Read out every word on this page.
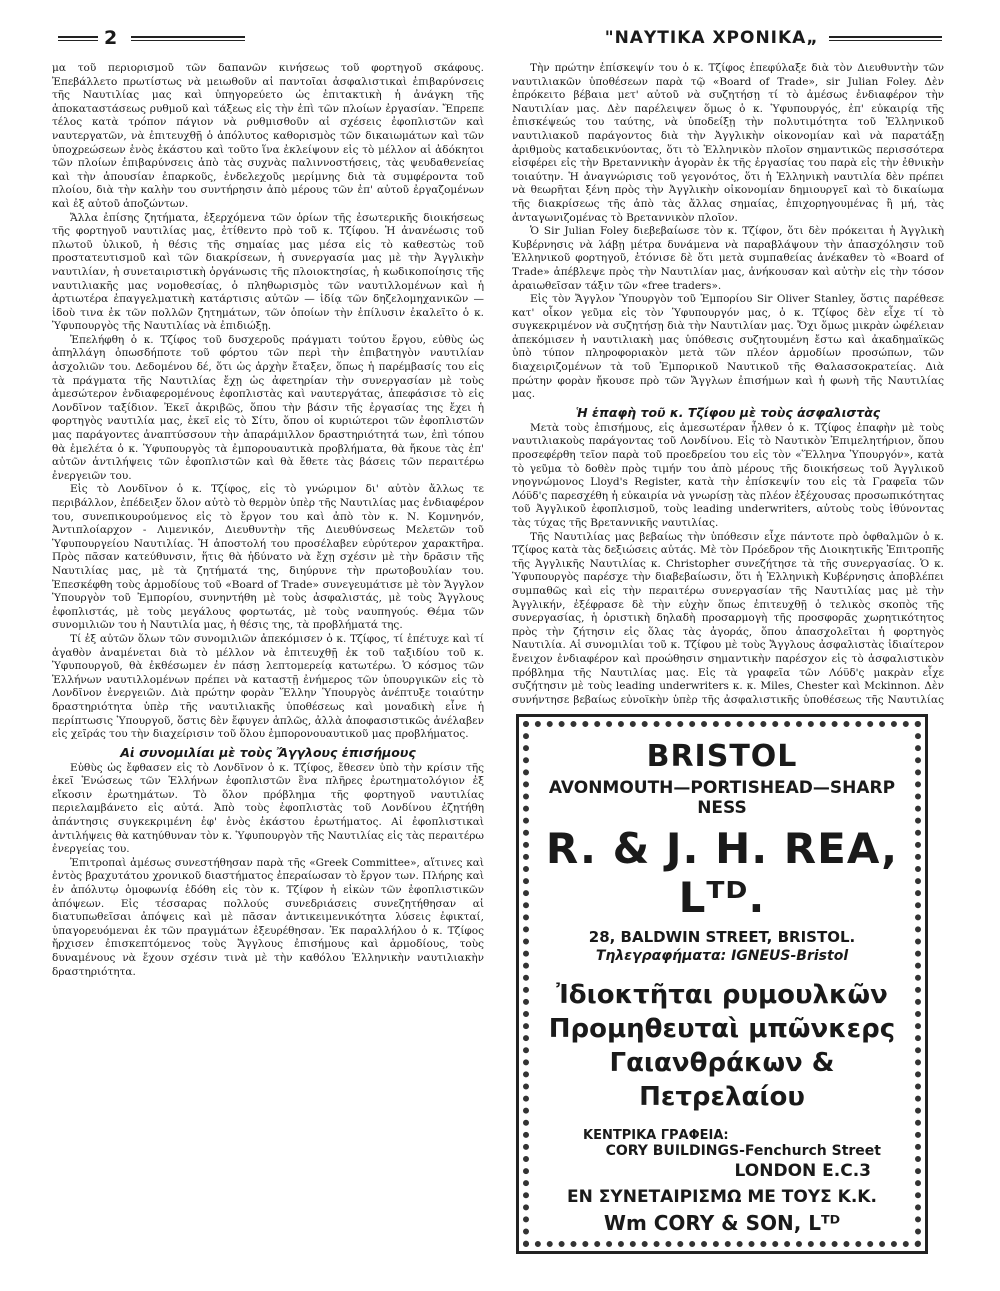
2	"ΝΑΥΤΙΚΑ ΧΡΟΝΙΚΑ„

μα τοῦ περιορισμοῦ τῶν δαπανῶν κινήσεως τοῦ φορτηγοῦ σκάφους. Ἐπεβάλλετο πρωτίστως νὰ μειωθοῦν αἱ παντοῖαι ἀσφαλιστικαὶ ἐπιβαρύνσεις τῆς Ναυτιλίας μας καὶ ὑπηγορεύετο ὡς ἐπιτακτικὴ ἡ ἀνάγκη τῆς ἀποκαταστάσεως ρυθμοῦ καὶ τάξεως εἰς τὴν ἐπὶ τῶν πλοίων ἐργασίαν. Ἔπρεπε τέλος κατὰ τρόπον πάγιον νὰ ρυθμισθοῦν αἱ σχέσεις ἐφοπλιστῶν καὶ ναυτεργατῶν, νὰ ἐπιτευχθῇ ὁ ἀπόλυτος καθορισμὸς τῶν δικαιωμάτων καὶ τῶν ὑποχρεώσεων ἑνὸς ἑκάστου καὶ τοῦτο ἵνα ἐκλείψουν εἰς τὸ μέλλον αἱ ἀδόκητοι τῶν πλοίων ἐπιβαρύνσεις ἀπὸ τὰς συχνὰς παλιννοστήσεις, τὰς ψευδαθενείας καὶ τὴν ἀπουσίαν ἐπαρκοῦς, ἐνδελεχοῦς μερίμνης διὰ τὰ συμφέροντα τοῦ πλοίου, διὰ τὴν καλὴν του συντήρησιν ἀπὸ μέρους τῶν ἐπ' αὐτοῦ ἐργαζομένων καὶ ἐξ αὐτοῦ ἀποζώντων.

Ἄλλα ἐπίσης ζητήματα, ἐξερχόμενα τῶν ὁρίων τῆς ἐσωτερικῆς διοικήσεως τῆς φορτηγοῦ ναυτιλίας μας, ἐτίθεντο πρὸ τοῦ κ. Τζίφου. Ἡ ἀνανέωσις τοῦ πλωτοῦ ὑλικοῦ, ἡ θέσις τῆς σημαίας μας μέσα εἰς τὸ καθεστὼς τοῦ προστατευτισμοῦ καὶ τῶν διακρίσεων, ἡ συνεργασία μας μὲ τὴν Ἀγγλικὴν ναυτιλίαν, ἡ συνεταιριστικὴ ὀργάνωσις τῆς πλοιοκτησίας, ἡ κωδικοποίησις τῆς ναυτιλιακῆς μας νομοθεσίας, ὁ πληθωρισμὸς τῶν ναυτιλλομένων καὶ ἡ ἀρτιωτέρα ἐπαγγελματικὴ κατάρτισις αὐτῶν — ἰδίᾳ τῶν δηζελομηχανικῶν — ἰδοὺ τινα ἐκ τῶν πολλῶν ζητημάτων, τῶν ὁποίων τὴν ἐπίλυσιν ἐκαλεῖτο ὁ κ. Ὑφυπουργὸς τῆς Ναυτιλίας νὰ ἐπιδιώξῃ.

Ἐπελήφθη ὁ κ. Τζίφος τοῦ δυσχεροῦς πράγματι τούτου ἔργου, εὐθὺς ὡς ἀπηλλάγη ὁπωσδήποτε τοῦ φόρτου τῶν περὶ τὴν ἐπιβατηγὸν ναυτιλίαν ἀσχολιῶν του. Δεδομένου δέ, ὅτι ὡς ἀρχὴν ἔταξεν, ὅπως ἡ παρέμβασίς του εἰς τὰ πράγματα τῆς Ναυτιλίας ἔχῃ ὡς ἀφετηρίαν τὴν συνεργασίαν μὲ τοὺς ἀμεσώτερον ἐνδιαφερομένους ἐφοπλιστὰς καὶ ναυτεργάτας, ἀπεφάσισε τὸ εἰς Λονδῖνον ταξίδιον. Ἐκεῖ ἀκριβῶς, ὅπου τὴν βάσιν τῆς ἐργασίας της ἔχει ἡ φορτηγὸς ναυτιλία μας, ἐκεῖ εἰς τὸ Σίτυ, ὅπου οἱ κυριώτεροι τῶν ἐφοπλιστῶν μας παράγοντες ἀναπτύσσουν τὴν ἀπαράμιλλον δραστηριότητά των, ἐπὶ τόπου θὰ ἐμελέτα ὁ κ. Ὑφυπουργὸς τὰ ἐμπορουαυτικὰ προβλήματα, θὰ ἤκουε τὰς ἐπ' αὐτῶν ἀντιλήψεις τῶν ἐφοπλιστῶν καὶ θὰ ἔθετε τὰς βάσεις τῶν περαιτέρω ἐνεργειῶν του.

Εἰς τὸ Λονδῖνον ὁ κ. Τζίφος, εἰς τὸ γνώριμον δι' αὐτὸν ἄλλως τε περιβάλλον, ἐπέδειξεν ὅλον αὐτὸ τὸ θερμὸν ὑπὲρ τῆς Ναυτιλίας μας ἐνδιαφέρον του, συνεπικουρούμενος εἰς τὸ ἔργον του καὶ ἀπὸ τὸν κ. Ν. Κομνηνόν, Ἀντιπλοίαρχον - Λιμενικόν, Διευθυντὴν τῆς Διευθύνσεως Μελετῶν τοῦ Ὑφυπουργείου Ναυτιλίας. Ἡ ἀποστολή του προσέλαβεν εὐρύτερον χαρακτῆρα. Πρὸς πᾶσαν κατεύθυνσιν, ἥτις θὰ ἠδύνατο νὰ ἔχῃ σχέσιν μὲ τὴν δρᾶσιν τῆς Ναυτιλίας μας, μὲ τὰ ζητήματά της, διηύρυνε τὴν πρωτοβουλίαν του. Ἐπεσκέφθη τοὺς ἁρμοδίους τοῦ «Board of Trade» συνεγευμάτισε μὲ τὸν Ἄγγλον Ὑπουργὸν τοῦ Ἐμπορίου, συνηντήθη μὲ τοὺς ἀσφαλιστάς, μὲ τοὺς Ἄγγλους ἐφοπλιστάς, μὲ τοὺς μεγάλους φορτωτάς, μὲ τοὺς ναυπηγούς. Θέμα τῶν συνομιλιῶν του ἡ Ναυτιλία μας, ἡ θέσις της, τὰ προβλήματά της.

Τί ἐξ αὐτῶν ὅλων τῶν συνομιλιῶν ἀπεκόμισεν ὁ κ. Τζίφος, τί ἐπέτυχε καὶ τί ἀγαθὸν ἀναμένεται διὰ τὸ μέλλον νὰ ἐπιτευχθῇ ἐκ τοῦ ταξιδίου τοῦ κ. Ὑφυπουργοῦ, θὰ ἐκθέσωμεν ἐν πάσῃ λεπτομερείᾳ κατωτέρω. Ὁ κόσμος τῶν Ἑλλήνων ναυτιλλομένων πρέπει νὰ καταστῇ ἐνήμερος τῶν ὑπουργικῶν εἰς τὸ Λονδῖνον ἐνεργειῶν. Διὰ πρώτην φορὰν Ἕλλην Ὑπουργὸς ἀνέπτυξε τοιαύτην δραστηριότητα ὑπὲρ τῆς ναυτιλιακῆς ὑποθέσεως καὶ μοναδικὴ εἶνε ἡ περίπτωσις Ὑπουργοῦ, ὅστις δὲν ἔφυγεν ἁπλῶς, ἀλλὰ ἀποφασιστικῶς ἀνέλαβεν εἰς χεῖράς του τὴν διαχείρισιν τοῦ ὅλου ἐμπορονουαυτικοῦ μας προβλήματος.

Αἱ συνομιλίαι μὲ τοὺς Ἄγγλους ἐπισήμους

Εὐθὺς ὡς ἔφθασεν εἰς τὸ Λονδῖνον ὁ κ. Τζίφος, ἔθεσεν ὑπὸ τὴν κρίσιν τῆς ἐκεῖ Ἑνώσεως τῶν Ἑλλήνων ἐφοπλιστῶν ἓνα πλῆρες ἐρωτηματολόγιον ἐξ εἴκοσιν ἐρωτημάτων. Τὸ ὅλον πρόβλημα τῆς φορτηγοῦ ναυτιλίας περιελαμβάνετο εἰς αὐτά. Ἀπὸ τοὺς ἐφοπλιστὰς τοῦ Λονδίνου ἐζητήθη ἀπάντησις συγκεκριμένη ἐφ' ἑνὸς ἑκάστου ἐρωτήματος. Αἱ ἐφοπλιστικαὶ ἀντιλήψεις θὰ κατηύθυναν τὸν κ. Ὑφυπουργὸν τῆς Ναυτιλίας εἰς τὰς περαιτέρω ἐνεργείας του.

Ἐπιτροπαὶ ἀμέσως συνεστήθησαν παρὰ τῆς «Greek Committee», αἵτινες καὶ ἐντὸς βραχυτάτου χρονικοῦ διαστήματος ἐπεραίωσαν τὸ ἔργον των. Πλήρης καὶ ἐν ἀπόλυτῳ ὁμοφωνίᾳ ἐδόθη εἰς τὸν κ. Τζίφον ἡ εἰκὼν τῶν ἐφοπλιστικῶν ἀπόψεων. Εἰς τέσσαρας πολλούς συνεδριάσεις συνεζητήθησαν αἱ διατυπωθεῖσαι ἀπόψεις καὶ μὲ πᾶσαν ἀντικειμενικότητα λύσεις ἐφικταί, ὑπαγορευόμεναι ἐκ τῶν πραγμάτων ἐξευρέθησαν. Ἐκ παραλλήλου ὁ κ. Τζίφος ἤρχισεν ἐπισκεπτόμενος τοὺς Ἄγγλους ἐπισήμους καὶ ἁρμοδίους, τοὺς δυναμένους νὰ ἔχουν σχέσιν τινὰ μὲ τὴν καθόλου Ἑλληνικὴν ναυτιλιακὴν δραστηριότητα.

Τὴν πρώτην ἐπίσκεψίν του ὁ κ. Τζίφος ἐπεφύλαξε διὰ τὸν Διευθυντὴν τῶν ναυτιλιακῶν ὑποθέσεων παρὰ τῷ «Board of Trade», sir Julian Foley. Δὲν ἐπρόκειτο βέβαια μετ' αὐτοῦ νὰ συζητήσῃ τί τὸ ἀμέσως ἐνδιαφέρον τὴν Ναυτιλίαν μας. Δὲν παρέλειψεν ὅμως ὁ κ. Ὑφυπουργός, ἐπ' εὐκαιρίᾳ τῆς ἐπισκέψεώς του ταύτης, νὰ ὑποδείξῃ τὴν πολυτιμότητα τοῦ Ἑλληνικοῦ ναυτιλιακοῦ παράγοντος διὰ τὴν Ἀγγλικὴν οἰκονομίαν καὶ νὰ παρατάξῃ ἀριθμοὺς καταδεικνύοντας, ὅτι τὸ Ἑλληνικὸν πλοῖον σημαντικῶς περισσότερα εἰσφέρει εἰς τὴν Βρεταννικὴν ἀγορὰν ἐκ τῆς ἐργασίας του παρὰ εἰς τὴν ἐθνικὴν τοιαύτην. Ἡ ἀναγνώρισις τοῦ γεγονότος, ὅτι ἡ Ἑλληνικὴ ναυτιλία δὲν πρέπει νὰ θεωρῆται ξένη πρὸς τὴν Ἀγγλικὴν οἰκονομίαν δημιουργεῖ καὶ τὸ δικαίωμα τῆς διακρίσεως τῆς ἀπὸ τὰς ἄλλας σημαίας, ἐπιχορηγουμένας ἢ μή, τὰς ἀνταγωνιζομένας τὸ Βρεταννικὸν πλοῖον.

Ὁ Sir Julian Foley διεβεβαίωσε τὸν κ. Τζίφον, ὅτι δὲν πρόκειται ἡ Ἀγγλικὴ Κυβέρνησις νὰ λάβῃ μέτρα δυνάμενα νὰ παραβλάψουν τὴν ἀπασχόλησιν τοῦ Ἑλληνικοῦ φορτηγοῦ, ἐτόνισε δὲ ὅτι μετὰ συμπαθείας ἀνέκαθεν τὸ «Board of Trade» ἀπέβλεψε πρὸς τὴν Ναυτιλίαν μας, ἀνήκουσαν καὶ αὐτὴν εἰς τὴν τόσον ἀραιωθεῖσαν τάξιν τῶν «free traders».

Εἰς τὸν Ἄγγλον Ὑπουργὸν τοῦ Ἐμπορίου Sir Oliver Stanley, ὅστις παρέθεσε κατ' οἶκον γεῦμα εἰς τὸν Ὑφυπουργόν μας, ὁ κ. Τζίφος δὲν εἶχε τί τὸ συγκεκριμένον νὰ συζητήσῃ διὰ τὴν Ναυτιλίαν μας. Ὄχι ὅμως μικρὰν ὠφέλειαν ἀπεκόμισεν ἡ ναυτιλιακὴ μας ὑπόθεσις συζητουμένη ἔστω καὶ ἀκαδημαϊκῶς ὑπὸ τύπον πληροφοριακὸν μετὰ τῶν πλέον ἁρμοδίων προσώπων, τῶν διαχειριζομένων τὰ τοῦ Ἐμπορικοῦ Ναυτικοῦ τῆς Θαλασσοκρατείας. Διὰ πρώτην φορὰν ἤκουσε πρὸ τῶν Ἄγγλων ἐπισήμων καὶ ἡ φωνὴ τῆς Ναυτιλίας μας.

Ἡ ἐπαφὴ τοῦ κ. Τζίφου μὲ τοὺς ἀσφαλιστὰς

Μετὰ τοὺς ἐπισήμους, εἰς ἀμεσωτέραν ἦλθεν ὁ κ. Τζίφος ἐπαφὴν μὲ τοὺς ναυτιλιακοὺς παράγοντας τοῦ Λονδίνου. Εἰς τὸ Ναυτικὸν Ἐπιμελητήριον, ὅπου προσεφέρθη τεῖον παρὰ τοῦ προεδρείου του εἰς τὸν «Ἕλληνα Ὑπουργόν», κατὰ τὸ γεῦμα τὸ δοθὲν πρὸς τιμήν του ἀπὸ μέρους τῆς διοικήσεως τοῦ Ἀγγλικοῦ νηογνώμονος Lloyd's Register, κατὰ τὴν ἐπίσκεψίν του εἰς τὰ Γραφεῖα τῶν Λόϋδ'ς παρεσχέθη ἡ εὐκαιρία νὰ γνωρίσῃ τὰς πλέον ἐξέχουσας προσωπικότητας τοῦ Ἀγγλικοῦ ἐφοπλισμοῦ, τοὺς leading underwriters, αὐτοὺς τοὺς ἰθύνοντας τὰς τύχας τῆς Βρεταννικῆς ναυτιλίας.

Τῆς Ναυτιλίας μας βεβαίως τὴν ὑπόθεσιν εἶχε πάντοτε πρὸ ὀφθαλμῶν ὁ κ. Τζίφος κατὰ τὰς δεξιώσεις αὐτάς. Μὲ τὸν Πρόεδρον τῆς Διοικητικῆς Ἐπιτροπῆς τῆς Ἀγγλικῆς Ναυτιλίας κ. Christopher συνεζήτησε τὰ τῆς συνεργασίας. Ὁ κ. Ὑφυπουργὸς παρέσχε τὴν διαβεβαίωσιν, ὅτι ἡ Ἑλληνικὴ Κυβέρνησις ἀποβλέπει συμπαθῶς καὶ εἰς τὴν περαιτέρω συνεργασίαν τῆς Ναυτιλίας μας μὲ τὴν Ἀγγλικήν, ἐξέφρασε δὲ τὴν εὐχὴν ὅπως ἐπιτευχθῇ ὁ τελικὸς σκοπὸς τῆς συνεργασίας, ἡ ὁριστικὴ δηλαδὴ προσαρμογὴ τῆς προσφορᾶς χωρητικότητος πρὸς τὴν ζήτησιν εἰς ὅλας τὰς ἀγοράς, ὅπου ἀπασχολεῖται ἡ φορτηγὸς Ναυτιλία. Αἱ συνομιλίαι τοῦ κ. Τζίφου μὲ τοὺς Ἄγγλους ἀσφαλιστὰς ἰδιαίτερον ἔνειχον ἐνδιαφέρον καὶ προώθησιν σημαντικὴν παρέσχον εἰς τὸ ἀσφαλιστικὸν πρόβλημα τῆς Ναυτιλίας μας. Εἰς τὰ γραφεῖα τῶν Λόϋδ'ς μακρὰν εἶχε συζήτησιν μὲ τοὺς leading underwriters κ. κ. Miles, Chester καὶ Mckinnon. Δὲν συνήντησε βεβαίως εὐνοϊκὴν ὑπὲρ τῆς ἀσφαλιστικῆς ὑποθέσεως τῆς Ναυτιλίας

BRISTOL
AVONMOUTH—PORTISHEAD—SHARP NESS
R. & J. H. REA, Lᵀᴰ.
28, BALDWIN STREET, BRISTOL.
Τηλεγραφήματα: IGNEUS-Bristol
Ἰδιοκτῆται ρυμουλκῶν
Προμηθευταὶ μπῶνκερς
Γαιανθράκων & Πετρελαίου
ΚΕΝΤΡΙΚΑ ΓΡΑΦΕΙΑ:
CORY BUILDINGS-Fenchurch Street
LONDON E.C.3
ΕΝ ΣΥΝΕΤΑΙΡΙΣΜΩ ΜΕ ΤΟΥΣ Κ.Κ.
Wm CORY & SON, Lᵀᴰ
